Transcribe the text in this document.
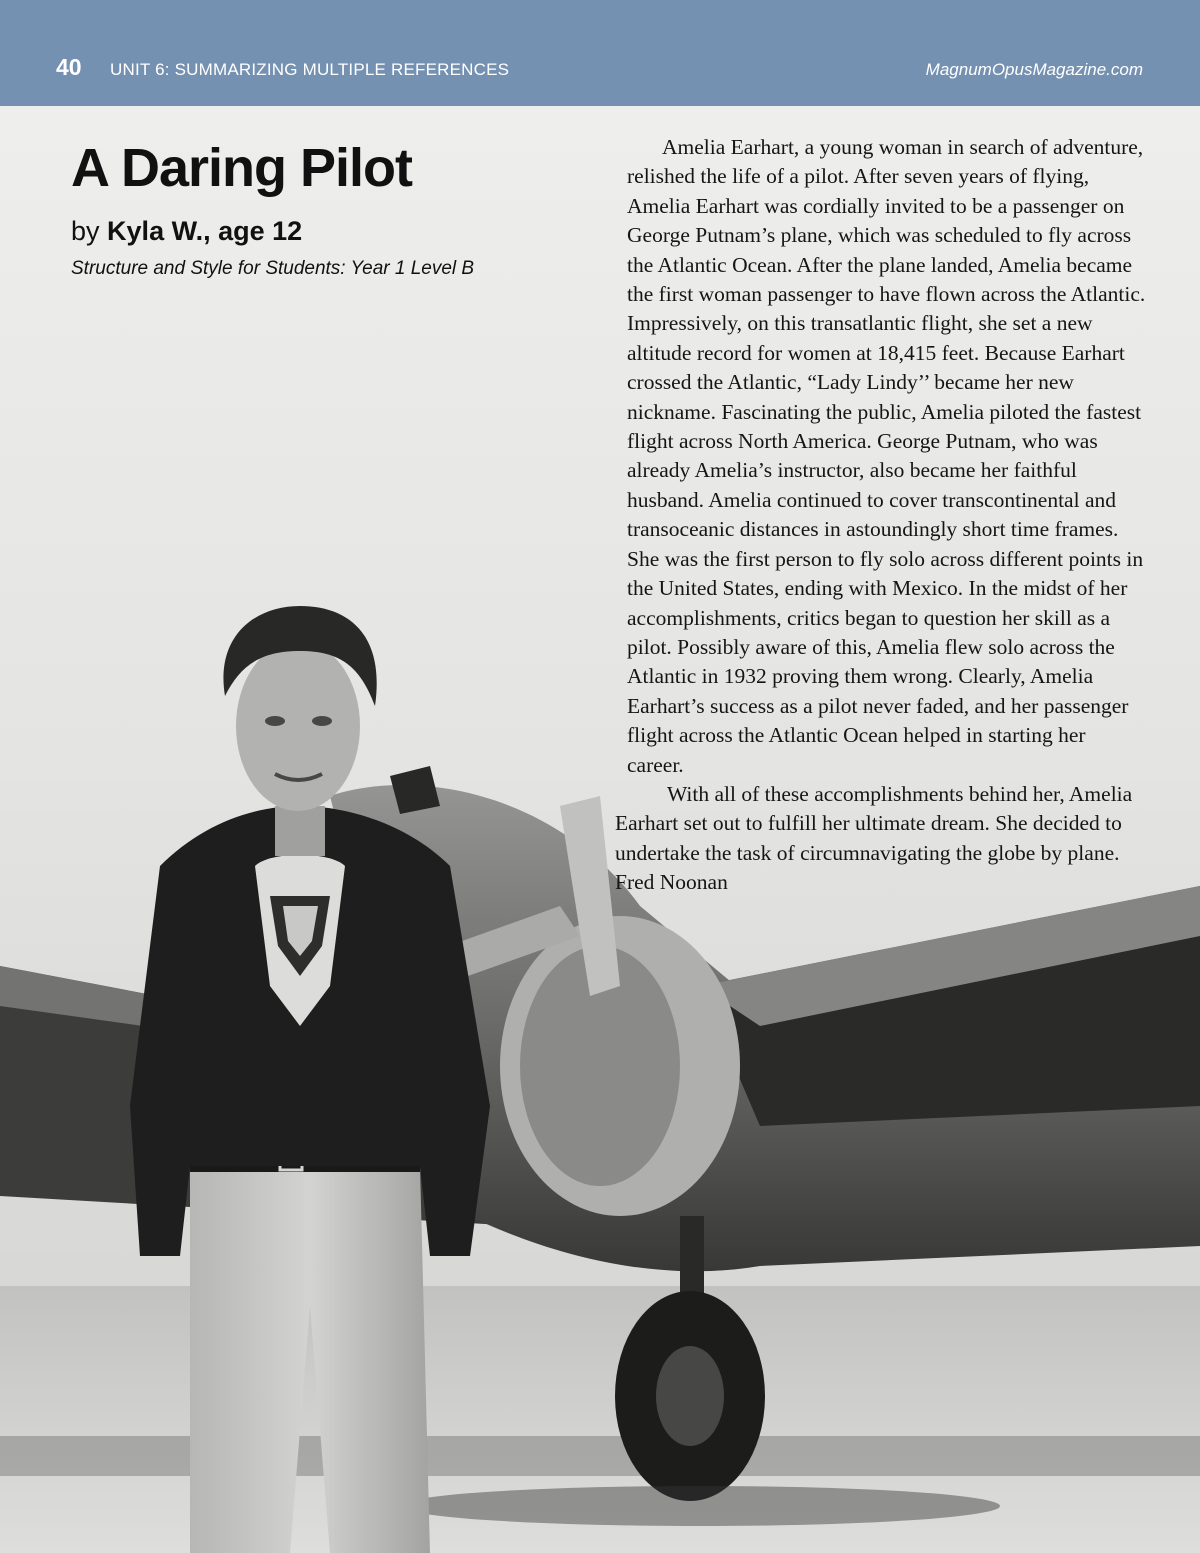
40 UNIT 6: SUMMARIZING MULTIPLE REFERENCES	MagnumOpusMagazine.com
A Daring Pilot
by Kyla W., age 12
Structure and Style for Students: Year 1 Level B

Amelia Earhart, a young woman in search of adventure, relished the life of a pilot. After seven years of flying, Amelia Earhart was cordially invited to be a passenger on George Putnam’s plane, which was scheduled to fly across the Atlantic Ocean. After the plane landed, Amelia became the first woman passenger to have flown across the Atlantic. Impressively, on this transatlantic flight, she set a new altitude record for women at 18,415 feet. Because Earhart crossed the Atlantic, “Lady Lindy’’ became her new nickname. Fascinating the public, Amelia piloted the fastest flight across North America. George Putnam, who was already Amelia’s instructor, also became her faithful husband. Amelia continued to cover transcontinental and transoceanic distances in astoundingly short time frames. She was the first person to fly solo across different points in the United States, ending with Mexico. In the midst of her accomplishments, critics began to question her skill as a pilot. Possibly aware of this, Amelia flew solo across the Atlantic in 1932 proving them wrong. Clearly, Amelia Earhart’s success as a pilot never faded, and her passenger flight across the Atlantic Ocean helped in starting her career.

With all of these accomplishments behind her, Amelia Earhart set out to fulfill her ultimate dream. She decided to undertake the task of circumnavigating the globe by plane. Fred Noonan
